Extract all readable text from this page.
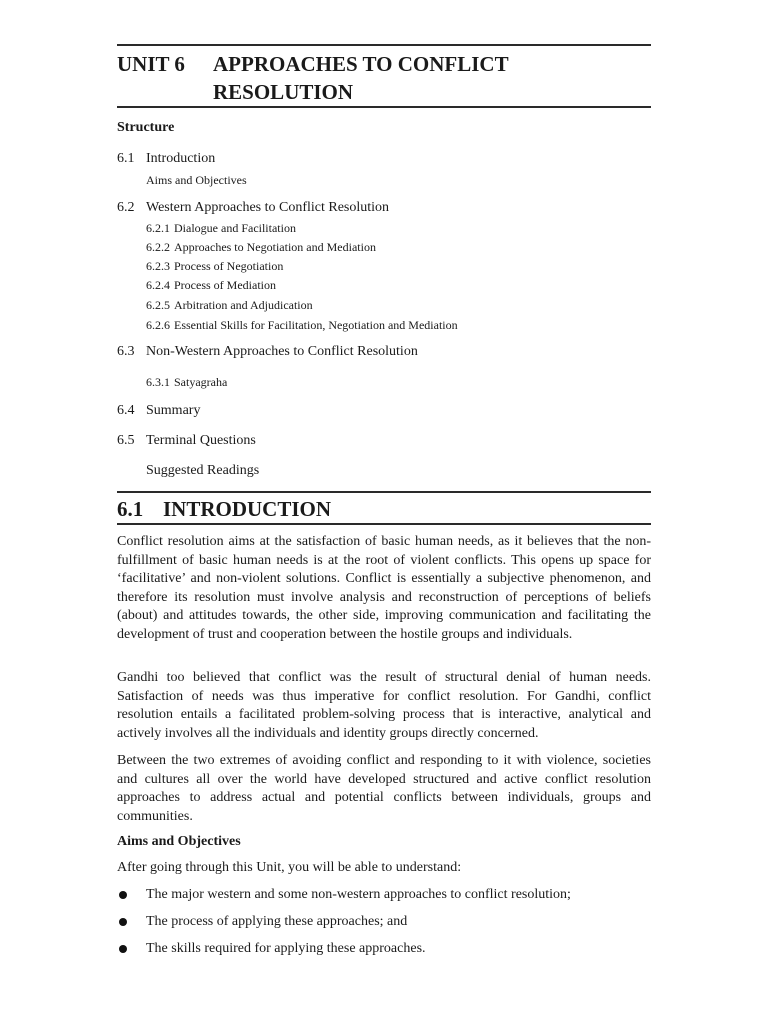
UNIT 6 APPROACHES TO CONFLICT
RESOLUTION
Structure
6.1 Introduction
Aims and Objectives
6.2 Western Approaches to Conflict Resolution
6.2.1 Dialogue and Facilitation
6.2.2 Approaches to Negotiation and Mediation
6.2.3 Process of Negotiation
6.2.4 Process of Mediation
6.2.5 Arbitration and Adjudication
6.2.6 Essential Skills for Facilitation, Negotiation and Mediation
6.3 Non-Western Approaches to Conflict Resolution
6.3.1 Satyagraha
6.4 Summary
6.5 Terminal Questions
Suggested Readings
6.1 INTRODUCTION

Conflict resolution aims at the satisfaction of basic human needs, as it believes that the non-fulfillment of basic human needs is at the root of violent conflicts. This opens up space for ‘facilitative’ and non-violent solutions. Conflict is essentially a subjective phenomenon, and therefore its resolution must involve analysis and reconstruction of perceptions of beliefs (about) and attitudes towards, the other side, improving communication and facilitating the development of trust and cooperation between the hostile groups and individuals.

Gandhi too believed that conflict was the result of structural denial of human needs. Satisfaction of needs was thus imperative for conflict resolution. For Gandhi, conflict resolution entails a facilitated problem-solving process that is interactive, analytical and actively involves all the individuals and identity groups directly concerned.

Between the two extremes of avoiding conflict and responding to it with violence, societies and cultures all over the world have developed structured and active conflict resolution approaches to address actual and potential conflicts between individuals, groups and communities.

Aims and Objectives
After going through this Unit, you will be able to understand:
The major western and some non-western approaches to conflict resolution;
The process of applying these approaches; and
The skills required for applying these approaches.
